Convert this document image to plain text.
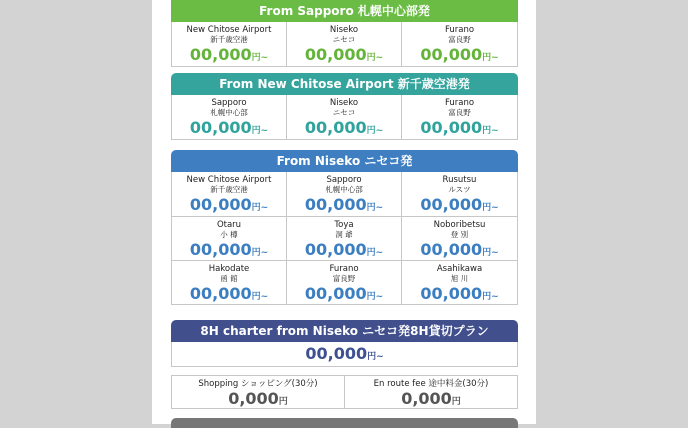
From Sapporo 札幌中心部発
New Chitose Airport
新千歳空港
00,000円~
Niseko
ニセコ
00,000円~
Furano
富良野
00,000円~
From New Chitose Airport 新千歳空港発
Sapporo
札幌中心部
00,000円~
Niseko
ニセコ
00,000円~
Furano
富良野
00,000円~
From Niseko ニセコ発
New Chitose Airport
新千歳空港
00,000円~
Sapporo
札幌中心部
00,000円~
Rusutsu
ルスツ
00,000円~
Otaru
小 樽
00,000円~
Toya
洞 爺
00,000円~
Noboribetsu
登 別
00,000円~
Hakodate
函 館
00,000円~
Furano
富良野
00,000円~
Asahikawa
旭 川
00,000円~
8H charter from Niseko ニセコ発8H貸切プラン
00,000円~
Shopping ショッピング(30分)
0,000円
En route fee 途中料金(30分)
0,000円
